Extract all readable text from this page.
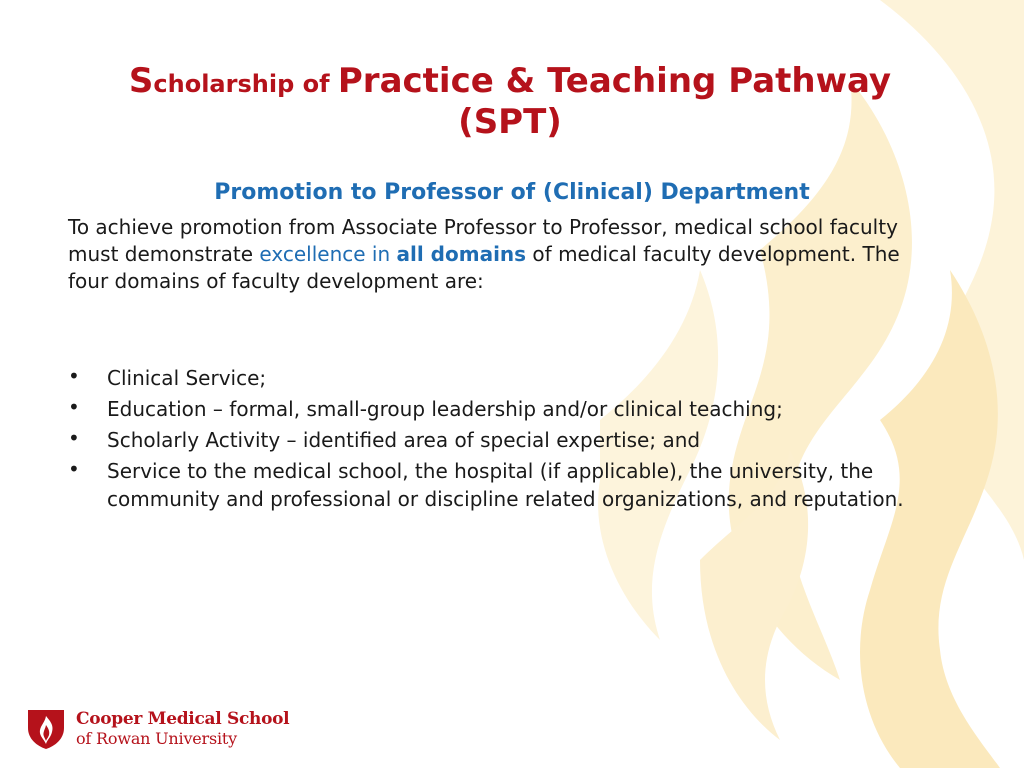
Scholarship of Practice & Teaching Pathway
(SPT)
Promotion to Professor of (Clinical) Department

To achieve promotion from Associate Professor to Professor, medical school faculty must demonstrate excellence in all domains of medical faculty development. The four domains of faculty development are:

• Clinical Service;
• Education – formal, small-group leadership and/or clinical teaching;
• Scholarly Activity – identified area of special expertise; and
• Service to the medical school, the hospital (if applicable), the university, the community and professional or discipline related organizations, and reputation.
Cooper Medical School
of Rowan University
